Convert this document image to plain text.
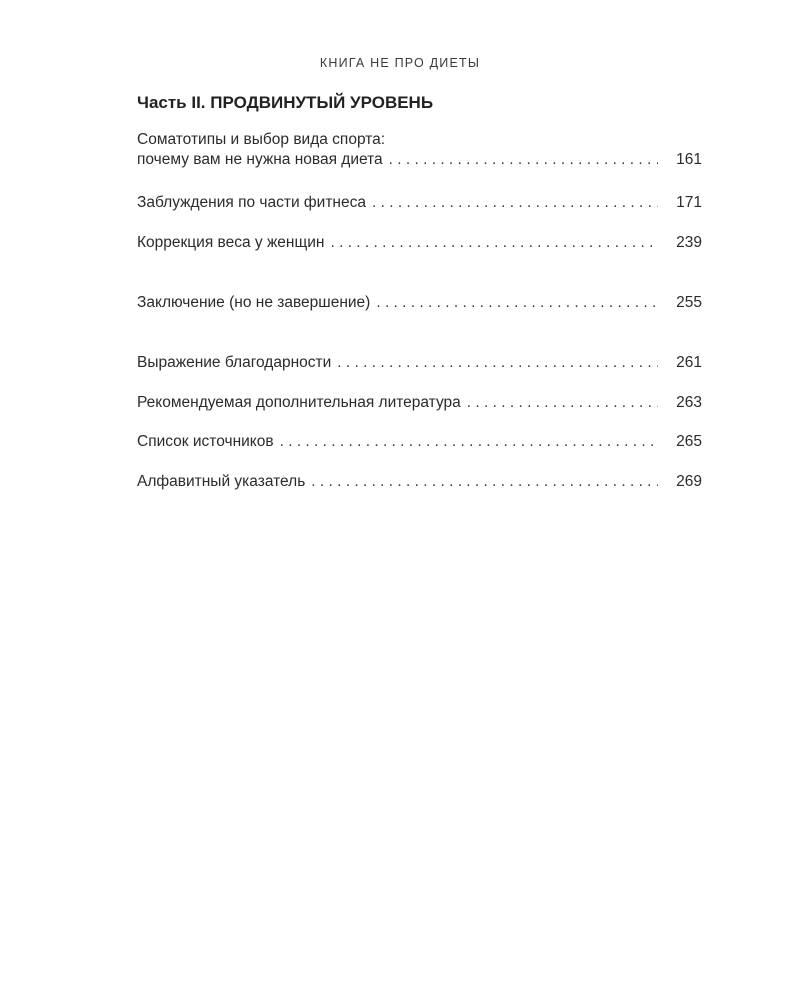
КНИГА НЕ ПРО ДИЕТЫ
Часть II. ПРОДВИНУТЫЙ УРОВЕНЬ
Соматотипы и выбор вида спорта:
почему вам не нужна новая диета . . .	161
Заблуждения по части фитнеса . . .	171
Коррекция веса у женщин . . .	239
Заключение (но не завершение) . . .	255
Выражение благодарности . . .	261
Рекомендуемая дополнительная литература . . .	263
Список источников . . .	265
Алфавитный указатель . . .	269
